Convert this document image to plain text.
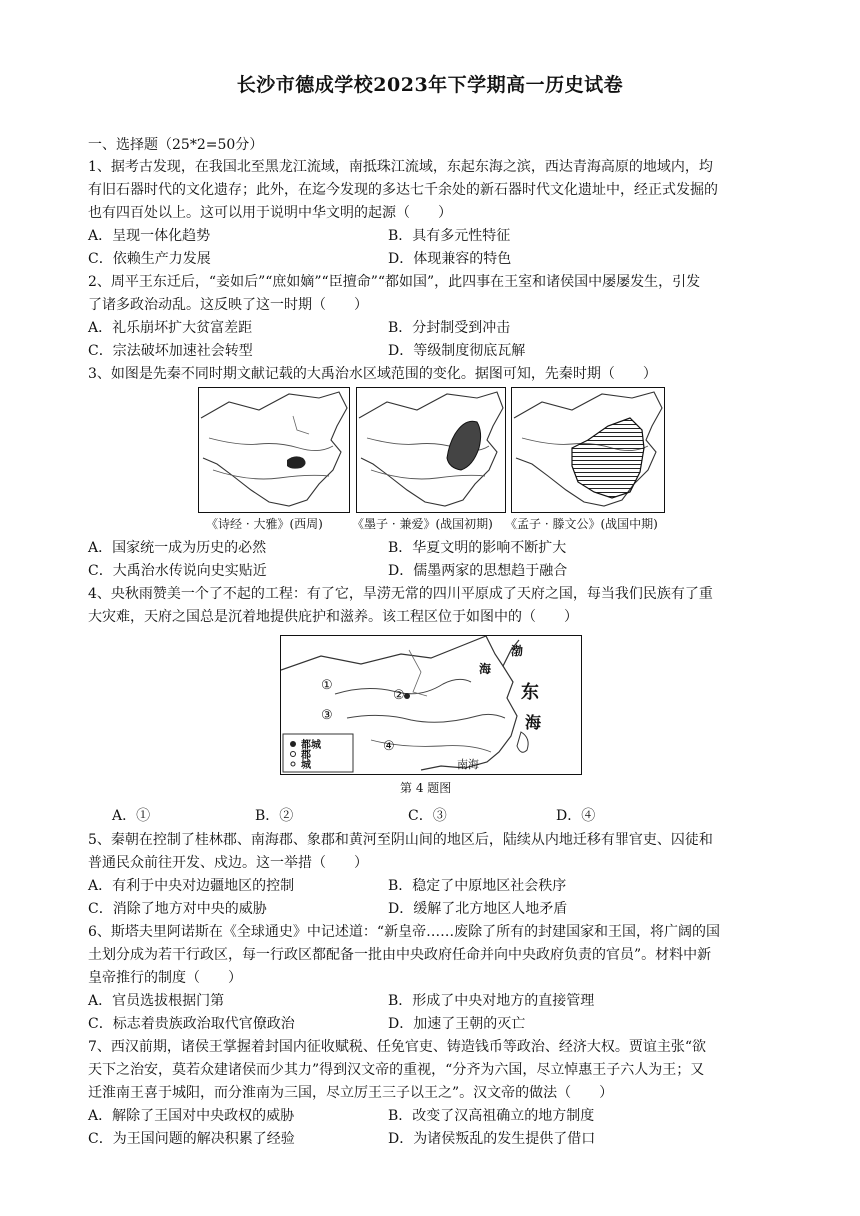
长沙市德成学校2023年下学期高一历史试卷
一、选择题（25*2=50分）
1、据考古发现，在我国北至黑龙江流域，南抵珠江流域，东起东海之滨，西达青海高原的地域内，均
有旧石器时代的文化遗存；此外，在迄今发现的多达七千余处的新石器时代文化遗址中，经正式发掘的
也有四百处以上。这可以用于说明中华文明的起源（　　）
A．呈现一体化趋势	B．具有多元性特征
C．依赖生产力发展	D．体现兼容的特色
2、周平王东迁后，“妾如后”“庶如嫡”“臣擅命”“都如国”，此四事在王室和诸侯国中屡屡发生，引发
了诸多政治动乱。这反映了这一时期（　　）
A．礼乐崩坏扩大贫富差距	B．分封制受到冲击
C．宗法破坏加速社会转型	D．等级制度彻底瓦解
3、如图是先秦不同时期文献记载的大禹治水区域范围的变化。据图可知，先秦时期（　　）
《诗经 · 大雅》(西周) 《墨子 · 兼爱》(战国初期) 《孟子 · 滕文公》(战国中期)
A．国家统一成为历史的必然	B．华夏文明的影响不断扩大
C．大禹治水传说向史实贴近	D．儒墨两家的思想趋于融合
4、央秋雨赞美一个了不起的工程：有了它，旱涝无常的四川平原成了天府之国，每当我们民族有了重
大灾难，天府之国总是沉着地提供庇护和滋养。该工程区位于如图中的（　　）
①
②
③
④
渤
海
东
海
南海
都城
郡
城
第 4 题图
A．①	B．②	C．③	D．④
5、秦朝在控制了桂林郡、南海郡、象郡和黄河至阴山间的地区后，陆续从内地迁移有罪官吏、囚徒和
普通民众前往开发、戍边。这一举措（　　）
A．有利于中央对边疆地区的控制	B．稳定了中原地区社会秩序
C．消除了地方对中央的威胁	D．缓解了北方地区人地矛盾
6、斯塔夫里阿诺斯在《全球通史》中记述道：“新皇帝……废除了所有的封建国家和王国，将广阔的国
土划分成为若干行政区，每一行政区都配备一批由中央政府任命并向中央政府负责的官员”。材料中新
皇帝推行的制度（　　）
A．官员选拔根据门第	B．形成了中央对地方的直接管理
C．标志着贵族政治取代官僚政治	D．加速了王朝的灭亡
7、西汉前期，诸侯王掌握着封国内征收赋税、任免官吏、铸造钱币等政治、经济大权。贾谊主张“欲
天下之治安，莫若众建诸侯而少其力”得到汉文帝的重视，“分齐为六国，尽立悼惠王子六人为王；又
迁淮南王喜于城阳，而分淮南为三国，尽立厉王三子以王之”。汉文帝的做法（　　）
A．解除了王国对中央政权的威胁	B．改变了汉高祖确立的地方制度
C．为王国问题的解决积累了经验	D．为诸侯叛乱的发生提供了借口
